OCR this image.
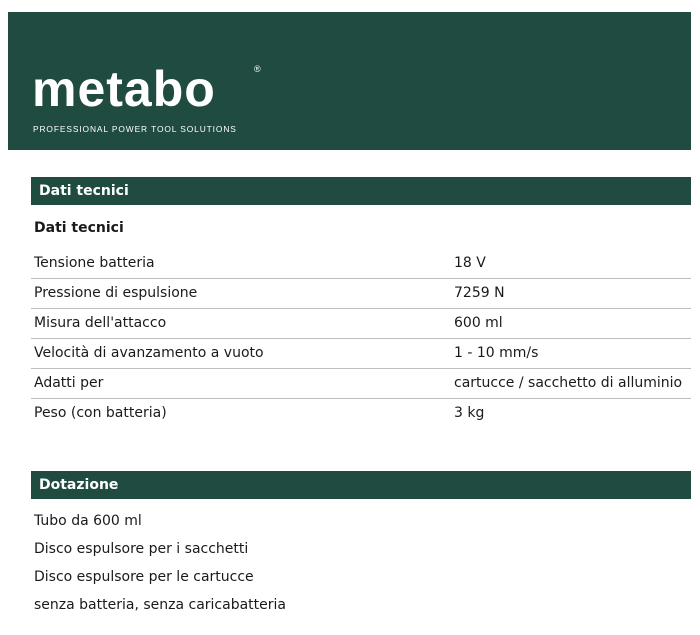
metabo	®
PROFESSIONAL POWER TOOL SOLUTIONS
Dati tecnici
Dati tecnici
Tensione batteria	18 V
Pressione di espulsione	7259 N
Misura dell'attacco	600 ml
Velocità di avanzamento a vuoto	1 - 10 mm/s
Adatti per	cartucce / sacchetto di alluminio
Peso (con batteria)	3 kg
Dotazione
Tubo da 600 ml
Disco espulsore per i sacchetti
Disco espulsore per le cartucce
senza batteria, senza caricabatteria
